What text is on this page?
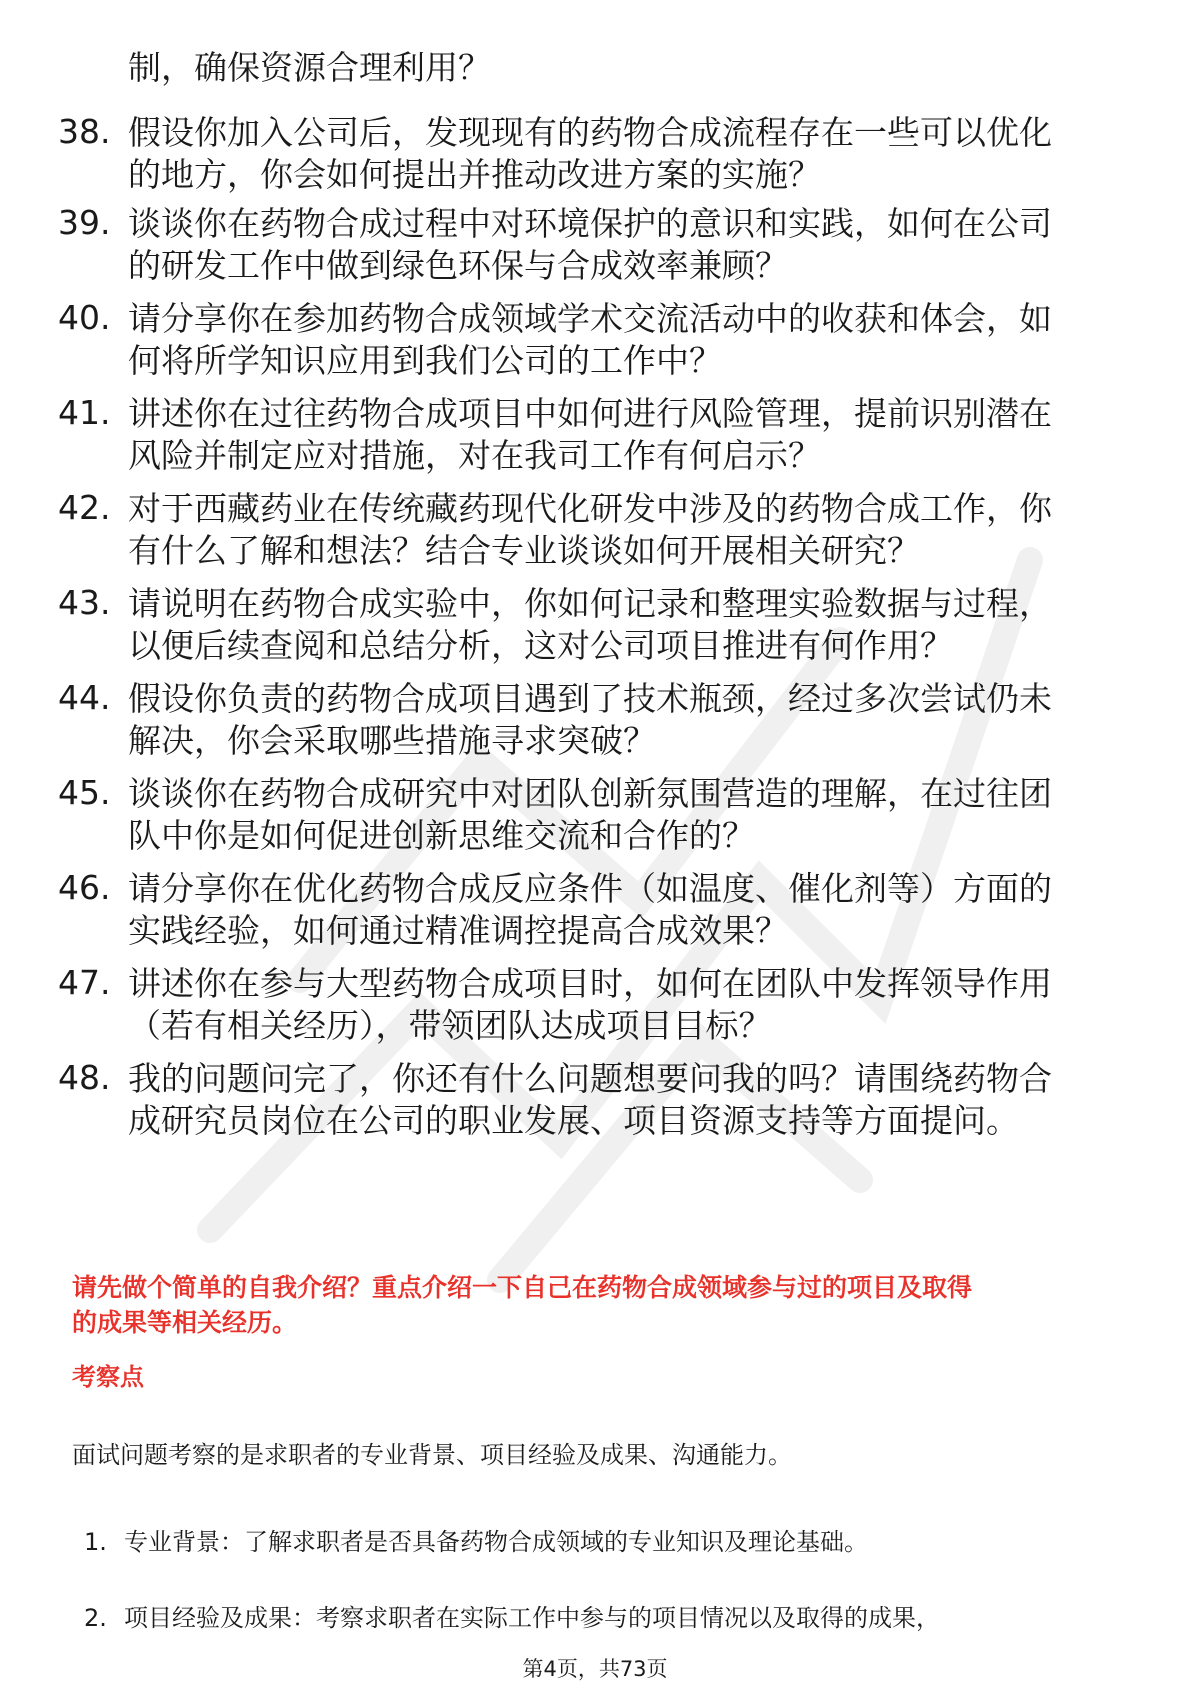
制，确保资源合理利用？
38. 假设你加入公司后，发现现有的药物合成流程存在一些可以优化
的地方，你会如何提出并推动改进方案的实施？
39. 谈谈你在药物合成过程中对环境保护的意识和实践，如何在公司
的研发工作中做到绿色环保与合成效率兼顾？
40. 请分享你在参加药物合成领域学术交流活动中的收获和体会，如
何将所学知识应用到我们公司的工作中？
41. 讲述你在过往药物合成项目中如何进行风险管理，提前识别潜在
风险并制定应对措施，对在我司工作有何启示？
42. 对于西藏药业在传统藏药现代化研发中涉及的药物合成工作，你
有什么了解和想法？结合专业谈谈如何开展相关研究？
43. 请说明在药物合成实验中，你如何记录和整理实验数据与过程，
以便后续查阅和总结分析，这对公司项目推进有何作用？
44. 假设你负责的药物合成项目遇到了技术瓶颈，经过多次尝试仍未
解决，你会采取哪些措施寻求突破？
45. 谈谈你在药物合成研究中对团队创新氛围营造的理解，在过往团
队中你是如何促进创新思维交流和合作的？
46. 请分享你在优化药物合成反应条件（如温度、催化剂等）方面的
实践经验，如何通过精准调控提高合成效果？
47. 讲述你在参与大型药物合成项目时，如何在团队中发挥领导作用
（若有相关经历），带领团队达成项目目标？
48. 我的问题问完了，你还有什么问题想要问我的吗？请围绕药物合
成研究员岗位在公司的职业发展、项目资源支持等方面提问。
请先做个简单的自我介绍？重点介绍一下自己在药物合成领域参与过的项目及取得
的成果等相关经历。
考察点
面试问题考察的是求职者的专业背景、项目经验及成果、沟通能力。
1. 专业背景：了解求职者是否具备药物合成领域的专业知识及理论基础。
2. 项目经验及成果：考察求职者在实际工作中参与的项目情况以及取得的成果，
第4页，共73页
